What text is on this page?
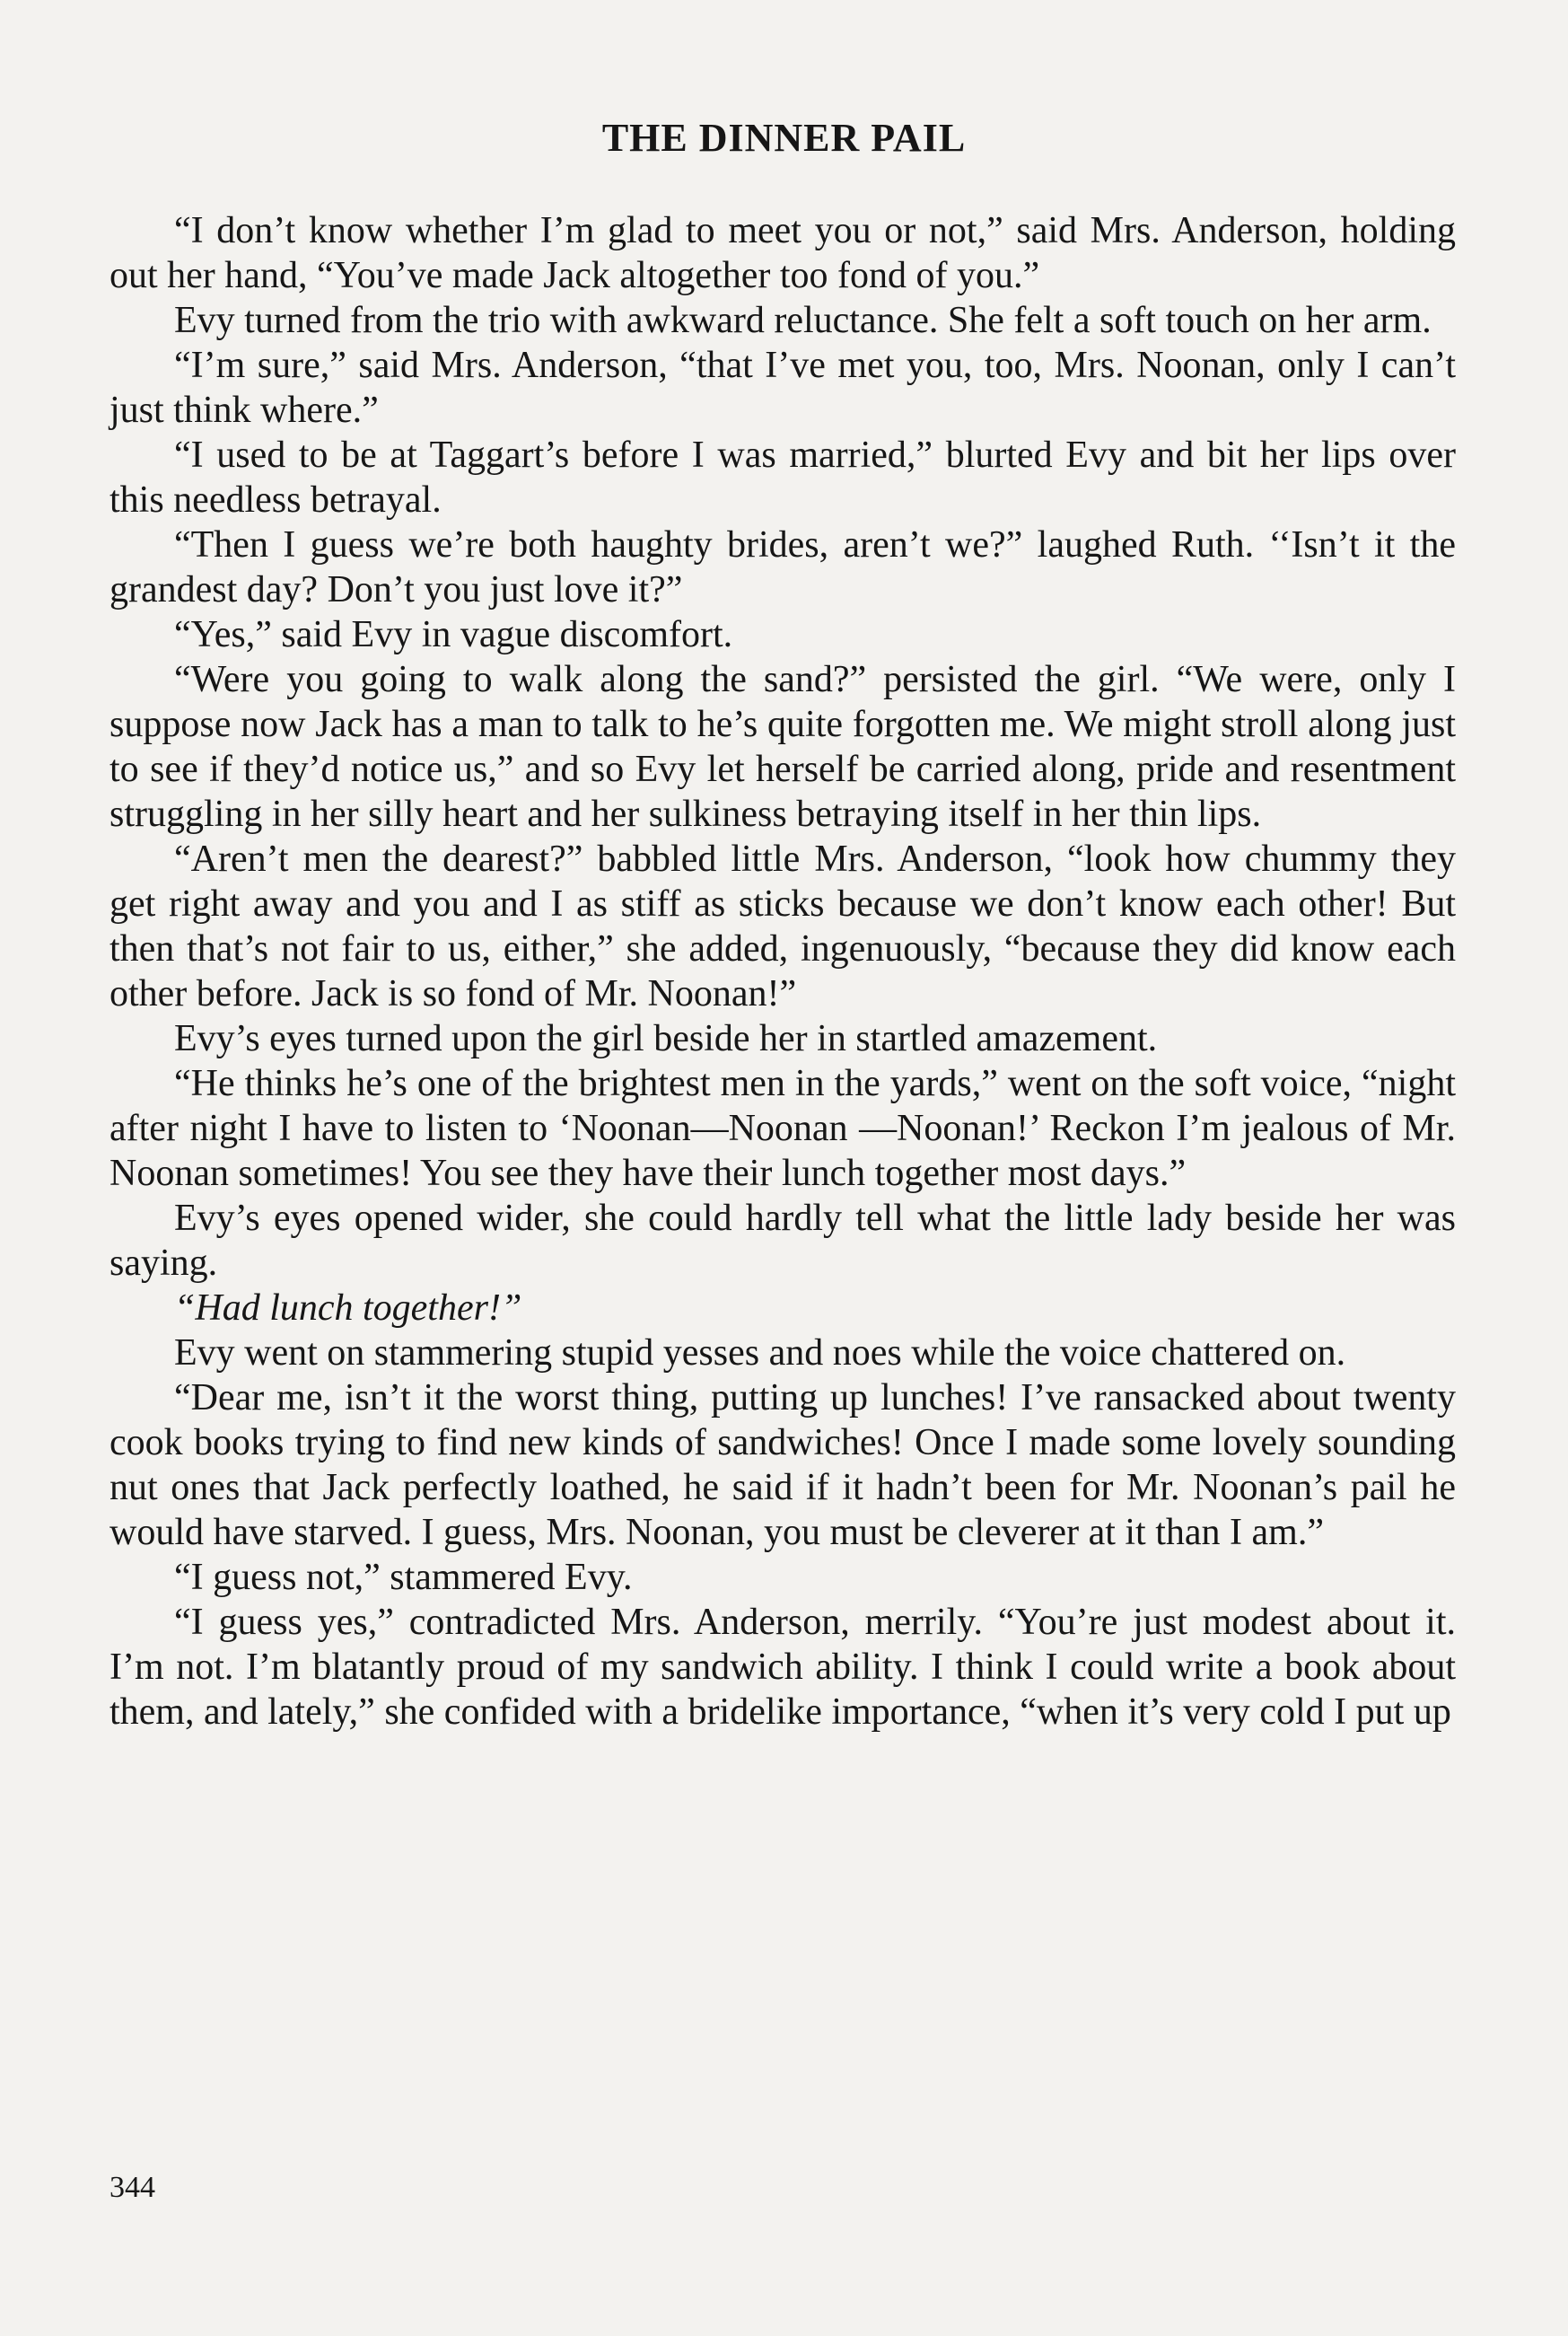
THE DINNER PAIL

“I don’t know whether I’m glad to meet you or not,” said Mrs. Anderson, holding out her hand, “You’ve made Jack altogether too fond of you.”

Evy turned from the trio with awkward reluctance. She felt a soft touch on her arm.

“I’m sure,” said Mrs. Anderson, “that I’ve met you, too, Mrs. Noonan, only I can’t just think where.”

“I used to be at Taggart’s before I was married,” blurted Evy and bit her lips over this needless betrayal.

“Then I guess we’re both haughty brides, aren’t we?” laughed Ruth. ‘‘Isn’t it the grandest day? Don’t you just love it?”

“Yes,” said Evy in vague discomfort.

“Were you going to walk along the sand?” persisted the girl. “We were, only I suppose now Jack has a man to talk to he’s quite forgotten me. We might stroll along just to see if they’d notice us,” and so Evy let herself be carried along, pride and resentment struggling in her silly heart and her sulkiness betraying itself in her thin lips.

“Aren’t men the dearest?” babbled little Mrs. Anderson, “look how chummy they get right away and you and I as stiff as sticks because we don’t know each other! But then that’s not fair to us, either,” she added, ingenuously, “because they did know each other before. Jack is so fond of Mr. Noonan!”

Evy’s eyes turned upon the girl beside her in startled amazement.

“He thinks he’s one of the brightest men in the yards,” went on the soft voice, “night after night I have to listen to ‘Noonan—Noonan —Noonan!’ Reckon I’m jealous of Mr. Noonan sometimes! You see they have their lunch together most days.”

Evy’s eyes opened wider, she could hardly tell what the little lady beside her was saying.

“Had lunch together!”

Evy went on stammering stupid yesses and noes while the voice chattered on.

“Dear me, isn’t it the worst thing, putting up lunches! I’ve ransacked about twenty cook books trying to find new kinds of sandwiches! Once I made some lovely sounding nut ones that Jack perfectly loathed, he said if it hadn’t been for Mr. Noonan’s pail he would have starved. I guess, Mrs. Noonan, you must be cleverer at it than I am.”

“I guess not,” stammered Evy.

“I guess yes,” contradicted Mrs. Anderson, merrily. “You’re just modest about it. I’m not. I’m blatantly proud of my sandwich ability. I think I could write a book about them, and lately,” she confided with a bridelike importance, “when it’s very cold I put up

344
